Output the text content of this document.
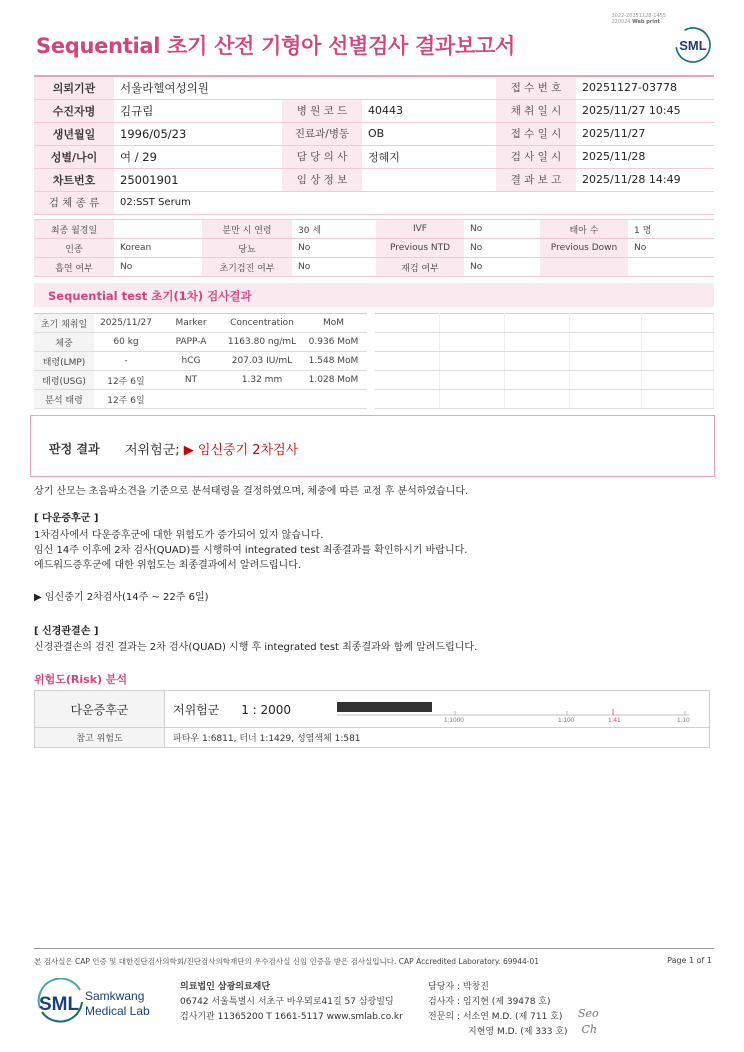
Sequential 초기 산전 기형아 선별검사 결과보고서
3022-20251128-1455
220024 Web print
SML
의뢰기관	서울라헬여성의원			접 수 번 호	20251127-03778
수진자명	김규림	병 원 코 드	40443	채 취 일 시	2025/11/27 10:45
생년월일	1996/05/23	진료과/병동	OB	접 수 일 시	2025/11/27
성별/나이	여 / 29	담 당 의 사	정혜지	검 사 일 시	2025/11/28
차트번호	25001901	임 상 정 보		결 과 보 고	2025/11/28 14:49
검 체 종 류	02:SST Serum				
최종 월경일		분만 시 연령	30 세	IVF	No	태아 수	1 명
인종	Korean	당뇨	No	Previous NTD	No	Previous Down	No
흡연 여부	No	초기검진 여부	No	재검 여부	No		
Sequential test 초기(1차) 검사결과
초기 채취일	2025/11/27	Marker	Concentration	MoM
체중	60 kg	PAPP-A	1163.80 ng/mL	0.936 MoM
태령(LMP)	-	hCG	207.03 IU/mL	1.548 MoM
태령(USG)	12주 6일	NT	1.32 mm	1.028 MoM
분석 태령	12주 6일			

판정 결과 저위험군; ▶ 임신중기 2차검사
상기 산모는 초음파소견을 기준으로 분석태령을 결정하였으며, 체중에 따른 교정 후 분석하였습니다.
[ 다운증후군 ]
1차검사에서 다운증후군에 대한 위험도가 증가되어 있지 않습니다.
임신 14주 이후에 2차 검사(QUAD)를 시행하여 integrated test 최종결과를 확인하시기 바랍니다.
에드워드증후군에 대한 위험도는 최종결과에서 알려드립니다.
▶ 임신중기 2차검사(14주 ~ 22주 6일)
[ 신경관결손 ]
신경관결손의 검진 결과는 2차 검사(QUAD) 시행 후 integrated test 최종결과와 함께 알려드립니다.
위험도(Risk) 분석
다운증후군	저위험군 1 : 2000	1:1000 1:100 1:41 1:10

참고 위험도	파타우 1:6811, 터너 1:1429, 성염색체 1:581	
본 검사실은 CAP 인증 및 대한진단검사의학회/진단검사의학재단의 우수검사실 신임 인증을 받은 검사실입니다. CAP Accredited Laboratory. 69944-01	Page 1 of 1
SML Samkwang
Medical Lab
의료법인 삼광의료재단
06742 서울특별시 서초구 바우뫼로41길 57 삼광빌딩
검사기관 11365200 T 1661-5117 www.smlab.co.kr
담당자 : 박창진
검사자 : 임지현 (제 39478 호)
전문의 : 서소연 M.D. (제 711 호)
지현영 M.D. (제 333 호)
Seo
Ch
